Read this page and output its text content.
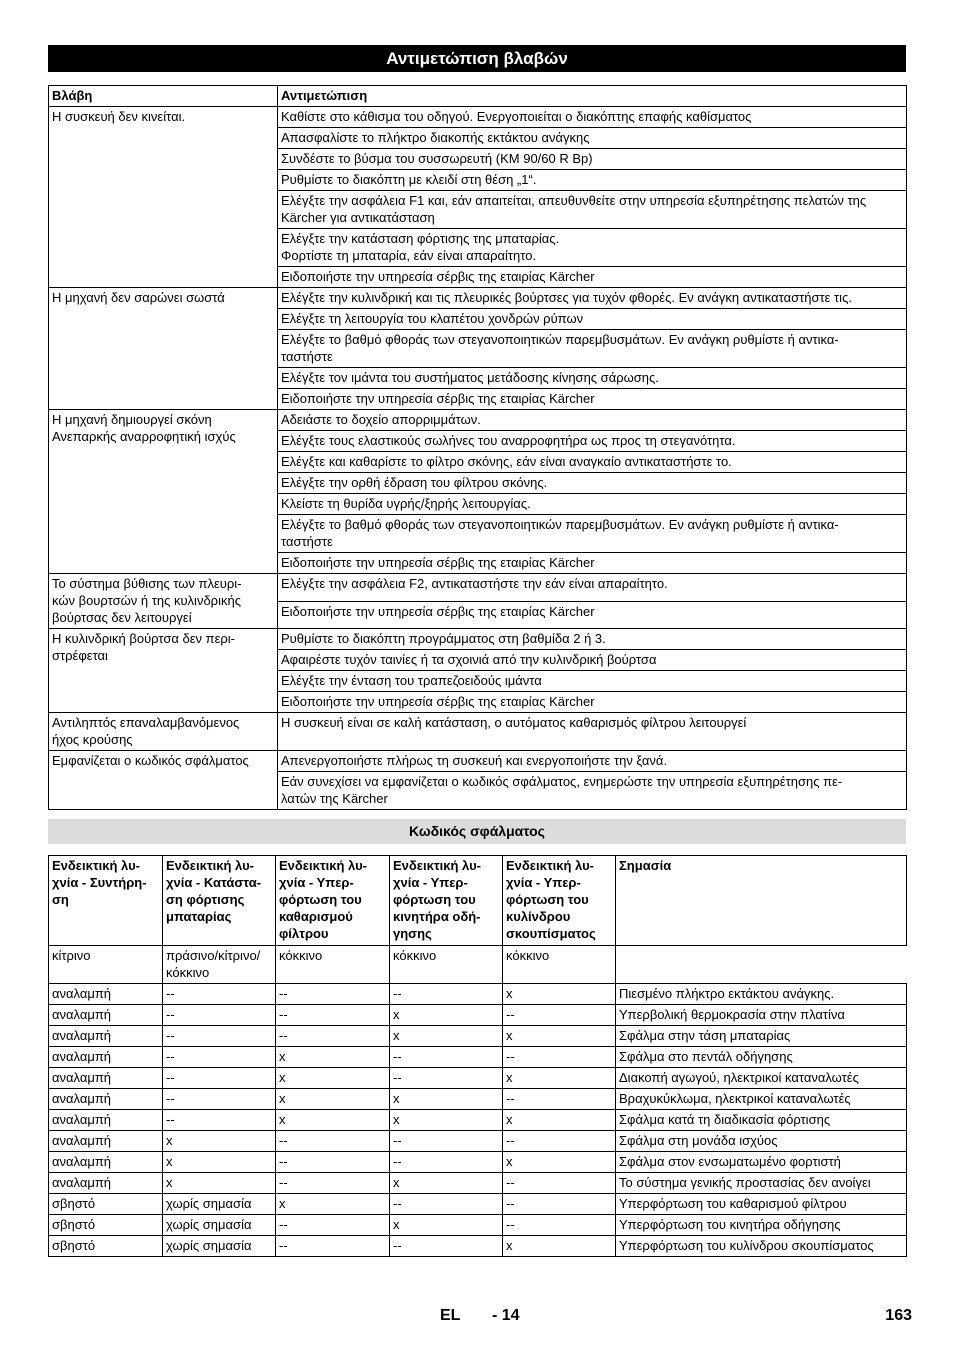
Αντιμετώπιση βλαβών
Βλάβη	Αντιμετώπιση
Η συσκευή δεν κινείται.	Καθίστε στο κάθισμα του οδηγού. Ενεργοποιείται ο διακόπτης επαφής καθίσματος
	Απασφαλίστε το πλήκτρο διακοπής εκτάκτου ανάγκης
	Συνδέστε το βύσμα του συσσωρευτή (KM 90/60 R Bp)
	Ρυθμίστε το διακόπτη με κλειδί στη θέση „1“.
	Ελέγξτε την ασφάλεια F1 και, εάν απαιτείται, απευθυνθείτε στην υπηρεσία εξυπηρέτησης πελατών της Kärcher για αντικατάσταση
	Ελέγξτε την κατάσταση φόρτισης της μπαταρίας.
Φορτίστε τη μπαταρία, εάν είναι απαραίτητο.
	Ειδοποιήστε την υπηρεσία σέρβις της εταιρίας Kärcher
Η μηχανή δεν σαρώνει σωστά	Ελέγξτε την κυλινδρική και τις πλευρικές βούρτσες για τυχόν φθορές. Εν ανάγκη αντικαταστήστε τις.
	Ελέγξτε τη λειτουργία του κλαπέτου χονδρών ρύπων
	Ελέγξτε το βαθμό φθοράς των στεγανοποιητικών παρεμβυσμάτων. Εν ανάγκη ρυθμίστε ή αντικα-
ταστήστε
	Ελέγξτε τον ιμάντα του συστήματος μετάδοσης κίνησης σάρωσης.
	Ειδοποιήστε την υπηρεσία σέρβις της εταιρίας Kärcher
Η μηχανή δημιουργεί σκόνη
Ανεπαρκής αναρροφητική ισχύς	Αδειάστε το δοχείο απορριμμάτων.
	Ελέγξτε τους ελαστικούς σωλήνες του αναρροφητήρα ως προς τη στεγανότητα.
	Ελέγξτε και καθαρίστε το φίλτρο σκόνης, εάν είναι αναγκαίο αντικαταστήστε το.
	Ελέγξτε την ορθή έδραση του φίλτρου σκόνης.
	Κλείστε τη θυρίδα υγρής/ξηρής λειτουργίας.
	Ελέγξτε το βαθμό φθοράς των στεγανοποιητικών παρεμβυσμάτων. Εν ανάγκη ρυθμίστε ή αντικα-
ταστήστε
	Ειδοποιήστε την υπηρεσία σέρβις της εταιρίας Kärcher
Το σύστημα βύθισης των πλευρι-
κών βουρτσών ή της κυλινδρικής
βούρτσας δεν λειτουργεί	Ελέγξτε την ασφάλεια F2, αντικαταστήστε την εάν είναι απαραίτητο.
	Ειδοποιήστε την υπηρεσία σέρβις της εταιρίας Kärcher
Η κυλινδρική βούρτσα δεν περι-
στρέφεται	Ρυθμίστε το διακόπτη προγράμματος στη βαθμίδα 2 ή 3.
	Αφαιρέστε τυχόν ταινίες ή τα σχοινιά από την κυλινδρική βούρτσα
	Ελέγξτε την ένταση του τραπεζοειδούς ιμάντα
	Ειδοποιήστε την υπηρεσία σέρβις της εταιρίας Kärcher
Αντιληπτός επαναλαμβανόμενος
ήχος κρούσης	Η συσκευή είναι σε καλή κατάσταση, ο αυτόματος καθαρισμός φίλτρου λειτουργεί
Εμφανίζεται ο κωδικός σφάλματος	Απενεργοποιήστε πλήρως τη συσκευή και ενεργοποιήστε την ξανά.
	Εάν συνεχίσει να εμφανίζεται ο κωδικός σφάλματος, ενημερώστε την υπηρεσία εξυπηρέτησης πε-
λατών της Kärcher
Κωδικός σφάλματος
Ενδεικτική λυ-
χνία - Συντήρη-
ση	Ενδεικτική λυ-
χνία - Κατάστα-
ση φόρτισης
μπαταρίας	Ενδεικτική λυ-
χνία - Υπερ-
φόρτωση του
καθαρισμού
φίλτρου	Ενδεικτική λυ-
χνία - Υπερ-
φόρτωση του
κινητήρα οδή-
γησης	Ενδεικτική λυ-
χνία - Υπερ-
φόρτωση του
κυλίνδρου
σκουπίσματος	Σημασία
κίτρινο	πράσινο/κίτρινο/
κόκκινο	κόκκινο	κόκκινο	κόκκινο	
αναλαμπή	--	--	--	x	Πιεσμένο πλήκτρο εκτάκτου ανάγκης.
αναλαμπή	--	--	x	--	Υπερβολική θερμοκρασία στην πλατίνα
αναλαμπή	--	--	x	x	Σφάλμα στην τάση μπαταρίας
αναλαμπή	--	x	--	--	Σφάλμα στο πεντάλ οδήγησης
αναλαμπή	--	x	--	x	Διακοπή αγωγού, ηλεκτρικοί καταναλωτές
αναλαμπή	--	x	x	--	Βραχυκύκλωμα, ηλεκτρικοί καταναλωτές
αναλαμπή	--	x	x	x	Σφάλμα κατά τη διαδικασία φόρτισης
αναλαμπή	x	--	--	--	Σφάλμα στη μονάδα ισχύος
αναλαμπή	x	--	--	x	Σφάλμα στον ενσωματωμένο φορτιστή
αναλαμπή	x	--	x	--	Το σύστημα γενικής προστασίας δεν ανοίγει
σβηστό	χωρίς σημασία	x	--	--	Υπερφόρτωση του καθαρισμού φίλτρου
σβηστό	χωρίς σημασία	--	x	--	Υπερφόρτωση του κινητήρα οδήγησης
σβηστό	χωρίς σημασία	--	--	x	Υπερφόρτωση του κυλίνδρου σκουπίσματος
EL - 14	163
